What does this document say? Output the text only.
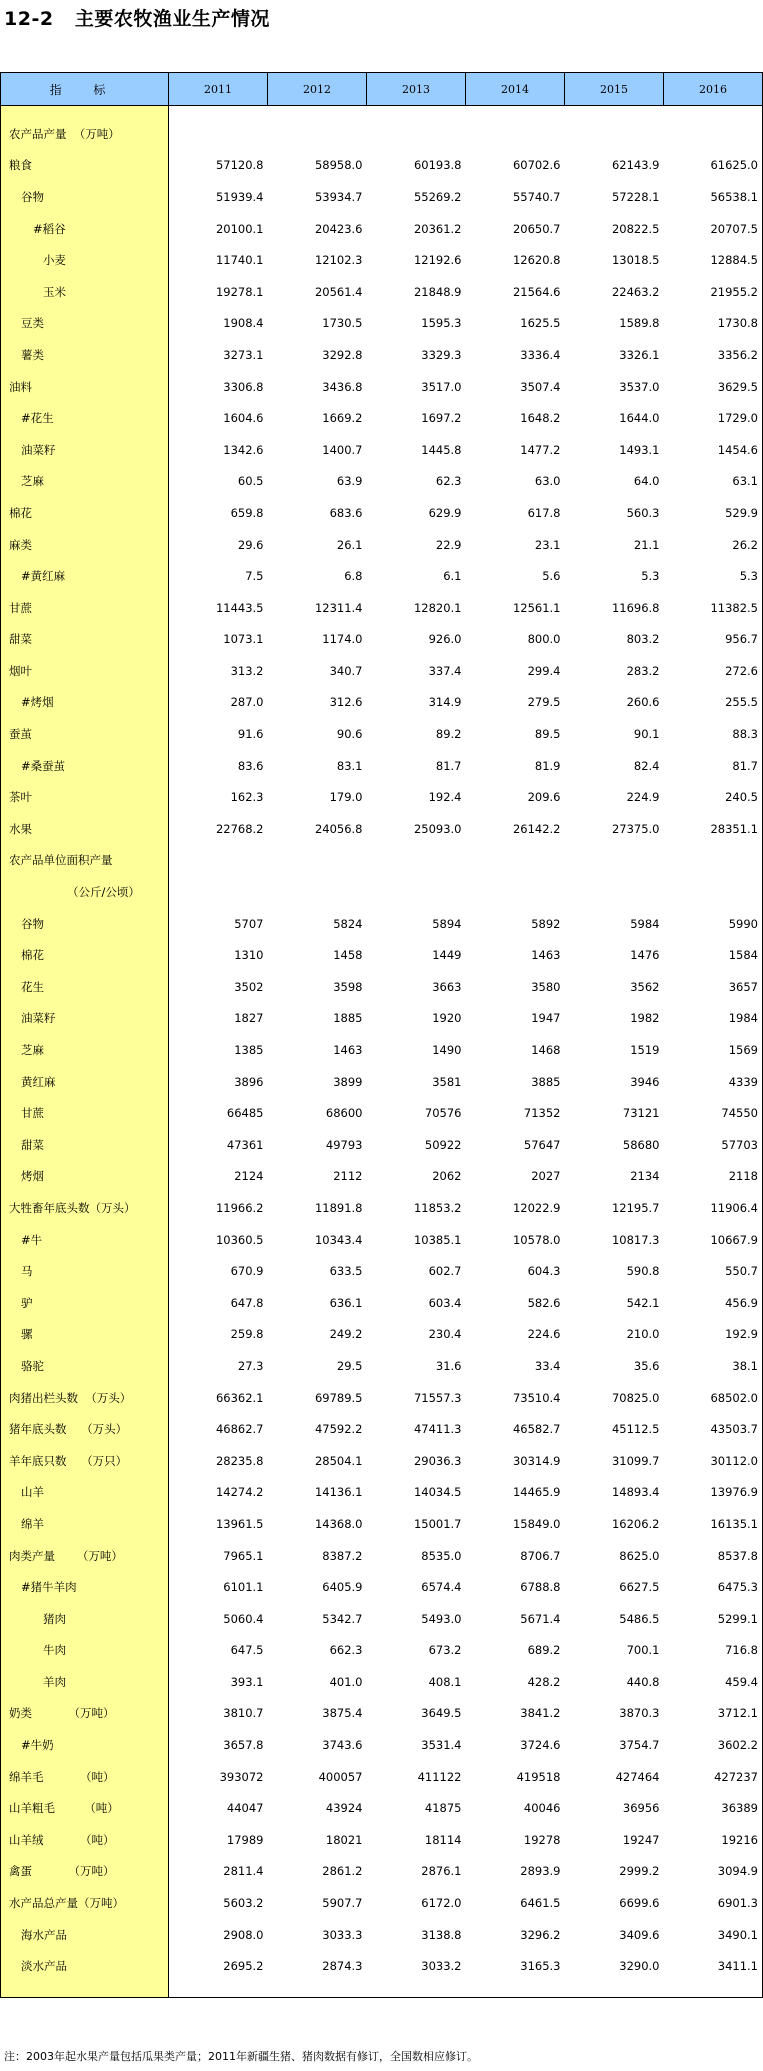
12-2   主要农牧渔业生产情况
指 标	2011	2012	2013	2014	2015	2016

农产品产量  （万吨）						
粮食	57120.8	58958.0	60193.8	60702.6	62143.9	61625.0
谷物	51939.4	53934.7	55269.2	55740.7	57228.1	56538.1
#稻谷	20100.1	20423.6	20361.2	20650.7	20822.5	20707.5
小麦	11740.1	12102.3	12192.6	12620.8	13018.5	12884.5
玉米	19278.1	20561.4	21848.9	21564.6	22463.2	21955.2
豆类	1908.4	1730.5	1595.3	1625.5	1589.8	1730.8
薯类	3273.1	3292.8	3329.3	3336.4	3326.1	3356.2
油料	3306.8	3436.8	3517.0	3507.4	3537.0	3629.5
#花生	1604.6	1669.2	1697.2	1648.2	1644.0	1729.0
油菜籽	1342.6	1400.7	1445.8	1477.2	1493.1	1454.6
芝麻	60.5	63.9	62.3	63.0	64.0	63.1
棉花	659.8	683.6	629.9	617.8	560.3	529.9
麻类	29.6	26.1	22.9	23.1	21.1	26.2
#黄红麻	7.5	6.8	6.1	5.6	5.3	5.3
甘蔗	11443.5	12311.4	12820.1	12561.1	11696.8	11382.5
甜菜	1073.1	1174.0	926.0	800.0	803.2	956.7
烟叶	313.2	340.7	337.4	299.4	283.2	272.6
#烤烟	287.0	312.6	314.9	279.5	260.6	255.5
蚕茧	91.6	90.6	89.2	89.5	90.1	88.3
#桑蚕茧	83.6	83.1	81.7	81.9	82.4	81.7
茶叶	162.3	179.0	192.4	209.6	224.9	240.5
水果	22768.2	24056.8	25093.0	26142.2	27375.0	28351.1
农产品单位面积产量						
（公斤/公顷）						
谷物	5707	5824	5894	5892	5984	5990
棉花	1310	1458	1449	1463	1476	1584
花生	3502	3598	3663	3580	3562	3657
油菜籽	1827	1885	1920	1947	1982	1984
芝麻	1385	1463	1490	1468	1519	1569
黄红麻	3896	3899	3581	3885	3946	4339
甘蔗	66485	68600	70576	71352	73121	74550
甜菜	47361	49793	50922	57647	58680	57703
烤烟	2124	2112	2062	2027	2134	2118
大牲畜年底头数（万头）	11966.2	11891.8	11853.2	12022.9	12195.7	11906.4
#牛	10360.5	10343.4	10385.1	10578.0	10817.3	10667.9
马	670.9	633.5	602.7	604.3	590.8	550.7
驴	647.8	636.1	603.4	582.6	542.1	456.9
骡	259.8	249.2	230.4	224.6	210.0	192.9
骆驼	27.3	29.5	31.6	33.4	35.6	38.1
肉猪出栏头数  （万头）	66362.1	69789.5	71557.3	73510.4	70825.0	68502.0
猪年底头数    （万头）	46862.7	47592.2	47411.3	46582.7	45112.5	43503.7
羊年底只数    （万只）	28235.8	28504.1	29036.3	30314.9	31099.7	30112.0
山羊	14274.2	14136.1	14034.5	14465.9	14893.4	13976.9
绵羊	13961.5	14368.0	15001.7	15849.0	16206.2	16135.1
肉类产量      （万吨）	7965.1	8387.2	8535.0	8706.7	8625.0	8537.8
#猪牛羊肉	6101.1	6405.9	6574.4	6788.8	6627.5	6475.3
猪肉	5060.4	5342.7	5493.0	5671.4	5486.5	5299.1
牛肉	647.5	662.3	673.2	689.2	700.1	716.8
羊肉	393.1	401.0	408.1	428.2	440.8	459.4
奶类          （万吨）	3810.7	3875.4	3649.5	3841.2	3870.3	3712.1
#牛奶	3657.8	3743.6	3531.4	3724.6	3754.7	3602.2
绵羊毛          （吨）	393072	400057	411122	419518	427464	427237
山羊粗毛        （吨）	44047	43924	41875	40046	36956	36389
山羊绒          （吨）	17989	18021	18114	19278	19247	19216
禽蛋          （万吨）	2811.4	2861.2	2876.1	2893.9	2999.2	3094.9
水产品总产量（万吨）	5603.2	5907.7	6172.0	6461.5	6699.6	6901.3
海水产品	2908.0	3033.3	3138.8	3296.2	3409.6	3490.1
淡水产品	2695.2	2874.3	3033.2	3165.3	3290.0	3411.1

注：2003年起水果产量包括瓜果类产量；2011年新疆生猪、猪肉数据有修订，全国数相应修订。
